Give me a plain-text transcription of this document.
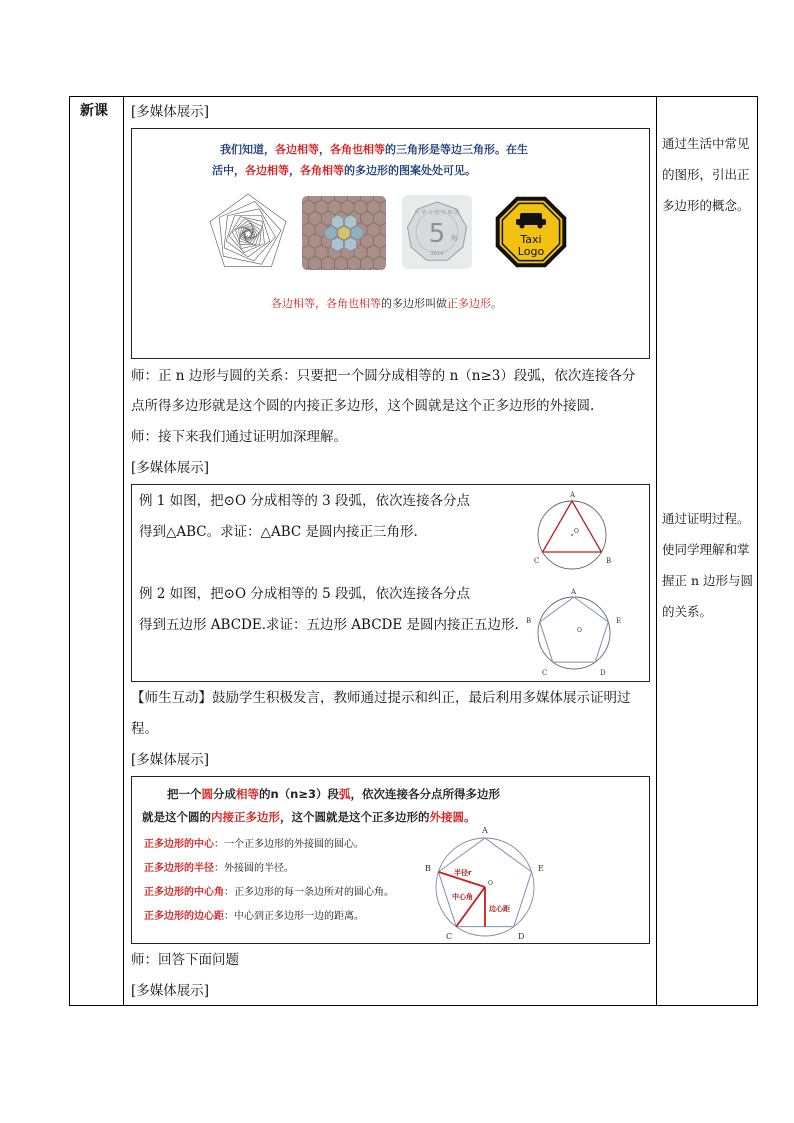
新课
通过生活中常见
的图形，引出正
多边形的概念。
通过证明过程。
使同学理解和掌
握正 n 边形与圆
的关系。
[多媒体展示]
我们知道，各边相等，各角也相等的三角形是等边三角形。在生
活中，各边相等，各角相等的多边形的图案处处可见。
5
中 华 人 民 共 和 国
角
2014
Taxi
Logo
各边相等，各角也相等的多边形叫做正多边形。
师：正 n 边形与圆的关系：只要把一个圆分成相等的 n（n≥3）段弧，依次连接各分
点所得多边形就是这个圆的内接正多边形，这个圆就是这个正多边形的外接圆.
师：接下来我们通过证明加深理解。
[多媒体展示]
例 1 如图，把⊙O 分成相等的 3 段弧，依次连接各分点
得到△ABC。求证：△ABC 是圆内接正三角形.
例 2 如图，把⊙O 分成相等的 5 段弧，依次连接各分点
得到五边形 ABCDE.求证：五边形 ABCDE 是圆内接正五边形.
A
C	B
O
A
B	E
C	D
O
【师生互动】鼓励学生积极发言，教师通过提示和纠正，最后利用多媒体展示证明过
程。
[多媒体展示]
把一个圆分成相等的n（n≥3）段弧，依次连接各分点所得多边形
就是这个圆的内接正多边形，这个圆就是这个正多边形的外接圆。
正多边形的中心：一个正多边形的外接圆的圆心。
正多边形的半径：外接圆的半径。
正多边形的中心角：正多边形的每一条边所对的圆心角。
正多边形的边心距：中心到正多边形一边的距离。
A
B	E
C	D
O
半径r
中心角
边心距
师：回答下面问题
[多媒体展示]
